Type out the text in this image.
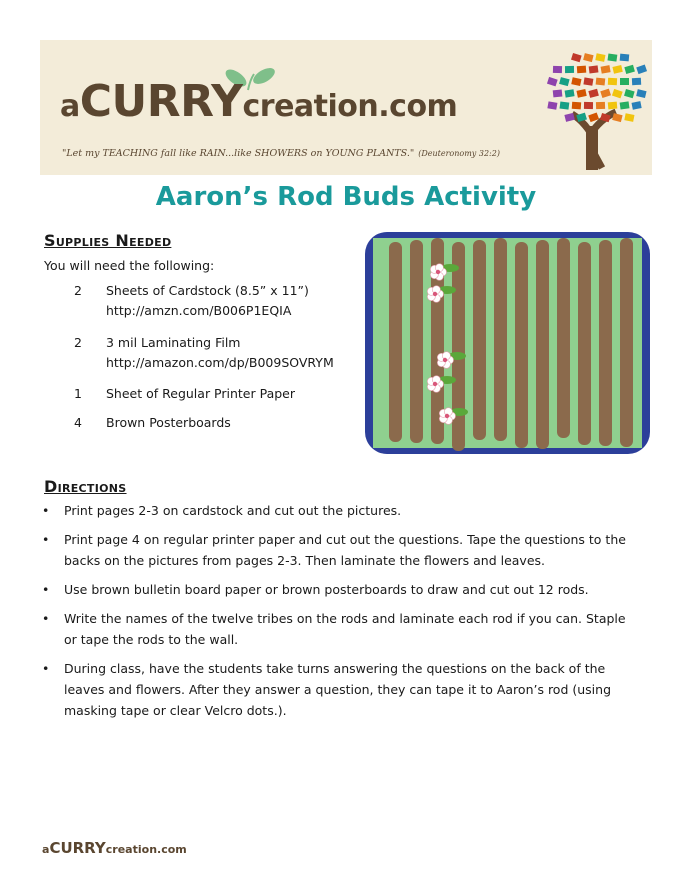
aCURRYcreation.com
"Let my TEACHING fall like RAIN...like SHOWERS on YOUNG PLANTS." (Deuteronomy 32:2)
Aaron’s Rod Buds Activity
Supplies Needed
You will need the following:
2 Sheets of Cardstock (8.5” x 11”)
http://amzn.com/B006P1EQIA
2 3 mil Laminating Film
http://amazon.com/dp/B009SOVRYM
1 Sheet of Regular Printer Paper
4 Brown Posterboards
Directions
• Print pages 2-3 on cardstock and cut out the pictures.
• Print page 4 on regular printer paper and cut out the questions. Tape the questions to the backs on the pictures from pages 2-3. Then laminate the flowers and leaves.
• Use brown bulletin board paper or brown posterboards to draw and cut out 12 rods.
• Write the names of the twelve tribes on the rods and laminate each rod if you can. Staple or tape the rods to the wall.
• During class, have the students take turns answering the questions on the back of the leaves and flowers. After they answer a question, they can tape it to Aaron’s rod (using masking tape or clear Velcro dots.).
aCURRYcreation.com
